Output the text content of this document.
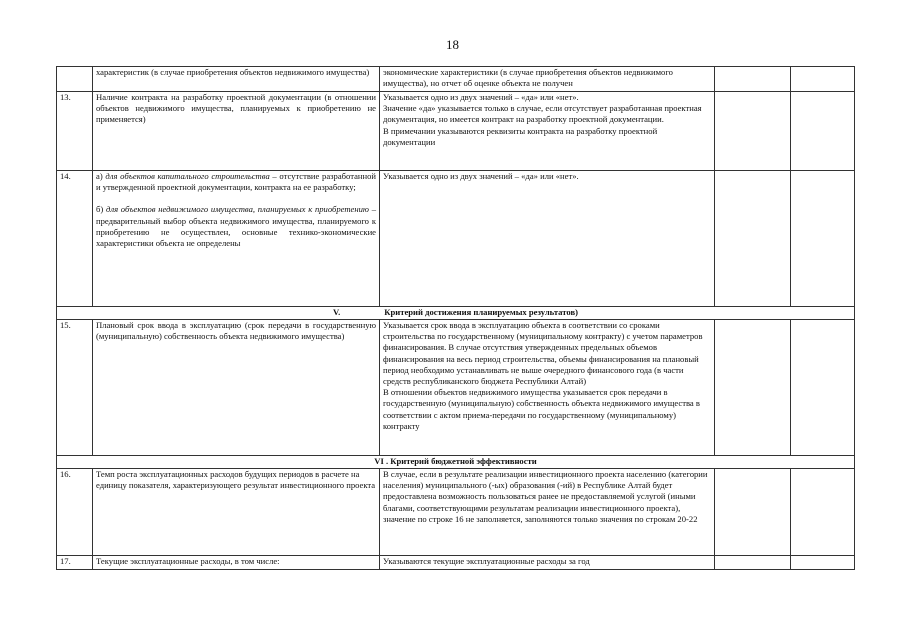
18
	характеристик (в случае приобретения объектов недвижимого имущества)	экономические характеристики (в случае приобретения объектов недвижимого имущества), но отчет об оценке объекта не получен		
13.	Наличие контракта на разработку проектной документации (в отношении объектов недвижимого имущества, планируемых к приобретению не применяется)	Указывается одно из двух значений – «да» или «нет».
Значение «да» указывается только в случае, если отсутствует разработанная проектная документация, но имеется контракт на разработку проектной документации.
В примечании указываются реквизиты контракта на разработку проектной документации		

14.	а) для объектов капитального строительства – отсутствие разработанной и утвержденной проектной документации, контракта на ее разработку;
б) для объектов недвижимого имущества, планируемых к приобретению – предварительный выбор объекта недвижимого имущества, планируемого к приобретению не осуществлен, основные технико-экономические характеристики объекта не определены	Указывается одно из двух значений – «да» или «нет».		
V. Критерий достижения планируемых результатов)				
15.	Плановый срок ввода в эксплуатацию (срок передачи в государственную (муниципальную) собственность объекта недвижимого имущества)	Указывается срок ввода в эксплуатацию объекта в соответствии со сроками строительства по государственному (муниципальному контракту) с учетом параметров финансирования. В случае отсутствия утвержденных предельных объемов финансирования на весь период строительства, объемы финансирования на плановый период необходимо устанавливать не выше очередного финансового года (в части средств республиканского бюджета Республики Алтай)
В отношении объектов недвижимого имущества указывается срок передачи в государственную (муниципальную) собственность объекта недвижимого имущества в соответствии с актом приема-передачи по государственному (муниципальному) контракту		

VI . Критерий бюджетной эффективности				
16.	Темп роста эксплуатационных расходов будущих периодов в расчете на единицу показателя, характеризующего результат инвестиционного проекта	В случае, если в результате реализации инвестиционного проекта населению (категории населения) муниципального (-ых) образования (-ий) в Республике Алтай будет предоставлена возможность пользоваться ранее не предоставляемой услугой (иными благами, соответствующими результатам реализации инвестиционного проекта), значение по строке 16 не заполняется, заполняются только значения по строкам 20-22		
17.	Текущие эксплуатационные расходы, в том числе:	Указываются текущие эксплуатационные расходы за год		
